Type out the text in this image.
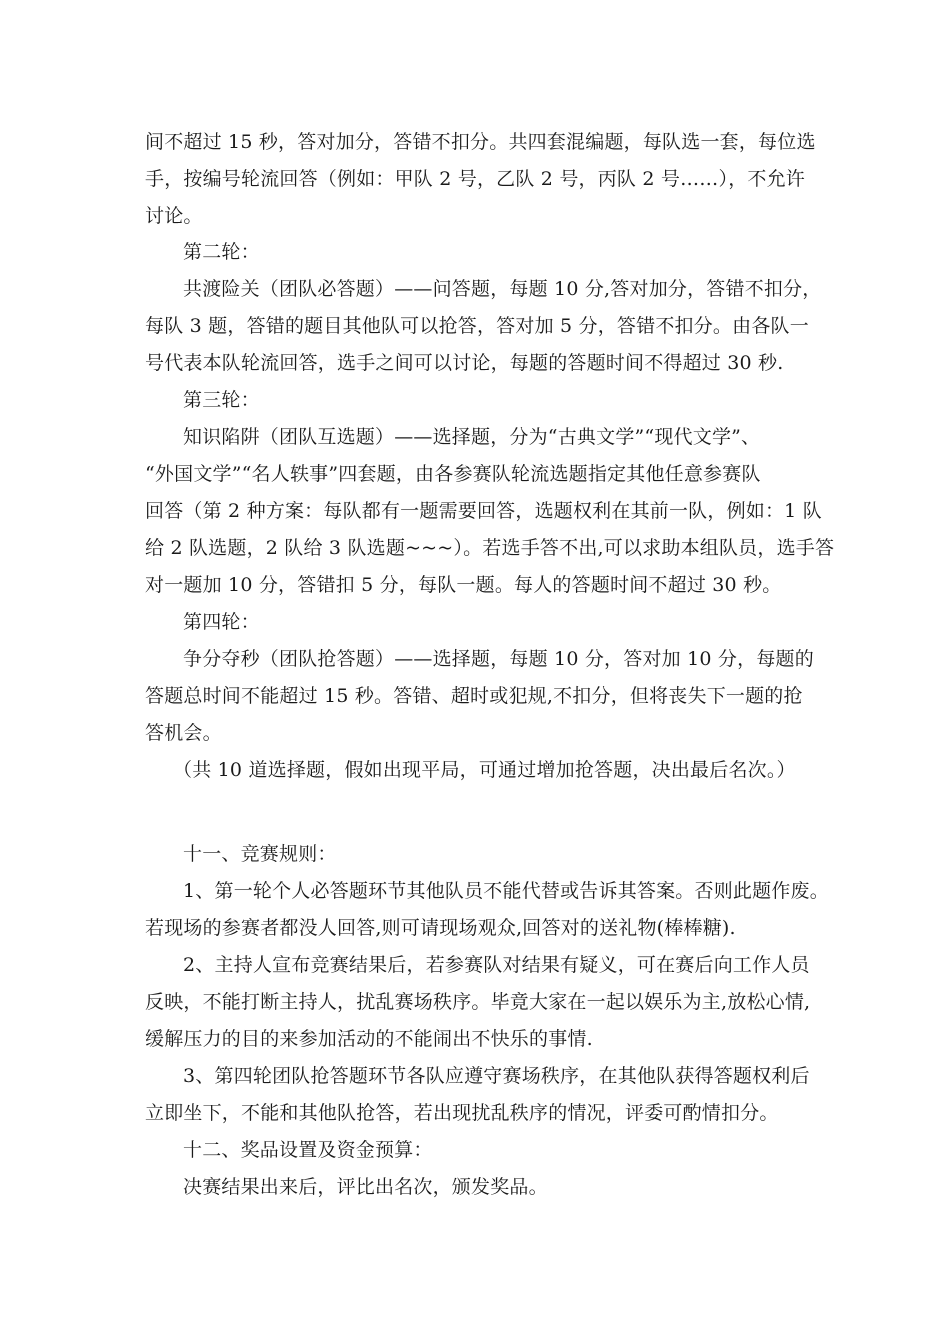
间不超过 15 秒，答对加分，答错不扣分。共四套混编题，每队选一套，每位选
手，按编号轮流回答（例如：甲队 2 号，乙队 2 号，丙队 2 号……），不允许
讨论。
第二轮：
共渡险关（团队必答题）——问答题，每题 10 分,答对加分，答错不扣分，
每队 3 题，答错的题目其他队可以抢答，答对加 5 分，答错不扣分。由各队一
号代表本队轮流回答，选手之间可以讨论，每题的答题时间不得超过 30 秒.
第三轮：
知识陷阱（团队互选题）——选择题，分为“古典文学”“现代文学”、
“外国文学”“名人轶事”四套题，由各参赛队轮流选题指定其他任意参赛队
回答（第 2 种方案：每队都有一题需要回答，选题权利在其前一队，例如：1 队
给 2 队选题，2 队给 3 队选题~~~）。若选手答不出,可以求助本组队员，选手答
对一题加 10 分，答错扣 5 分，每队一题。每人的答题时间不超过 30 秒。
第四轮：
争分夺秒（团队抢答题）——选择题，每题 10 分，答对加 10 分，每题的
答题总时间不能超过 15 秒。答错、超时或犯规,不扣分，但将丧失下一题的抢
答机会。
（共 10 道选择题，假如出现平局，可通过增加抢答题，决出最后名次。）
十一、竞赛规则：
1、第一轮个人必答题环节其他队员不能代替或告诉其答案。否则此题作废。
若现场的参赛者都没人回答,则可请现场观众,回答对的送礼物(棒棒糖).
2、主持人宣布竞赛结果后，若参赛队对结果有疑义，可在赛后向工作人员
反映，不能打断主持人，扰乱赛场秩序。毕竟大家在一起以娱乐为主,放松心情,
缓解压力的目的来参加活动的不能闹出不快乐的事情.
3、第四轮团队抢答题环节各队应遵守赛场秩序，在其他队获得答题权利后
立即坐下，不能和其他队抢答，若出现扰乱秩序的情况，评委可酌情扣分。
十二、奖品设置及资金预算：
决赛结果出来后，评比出名次，颁发奖品。
